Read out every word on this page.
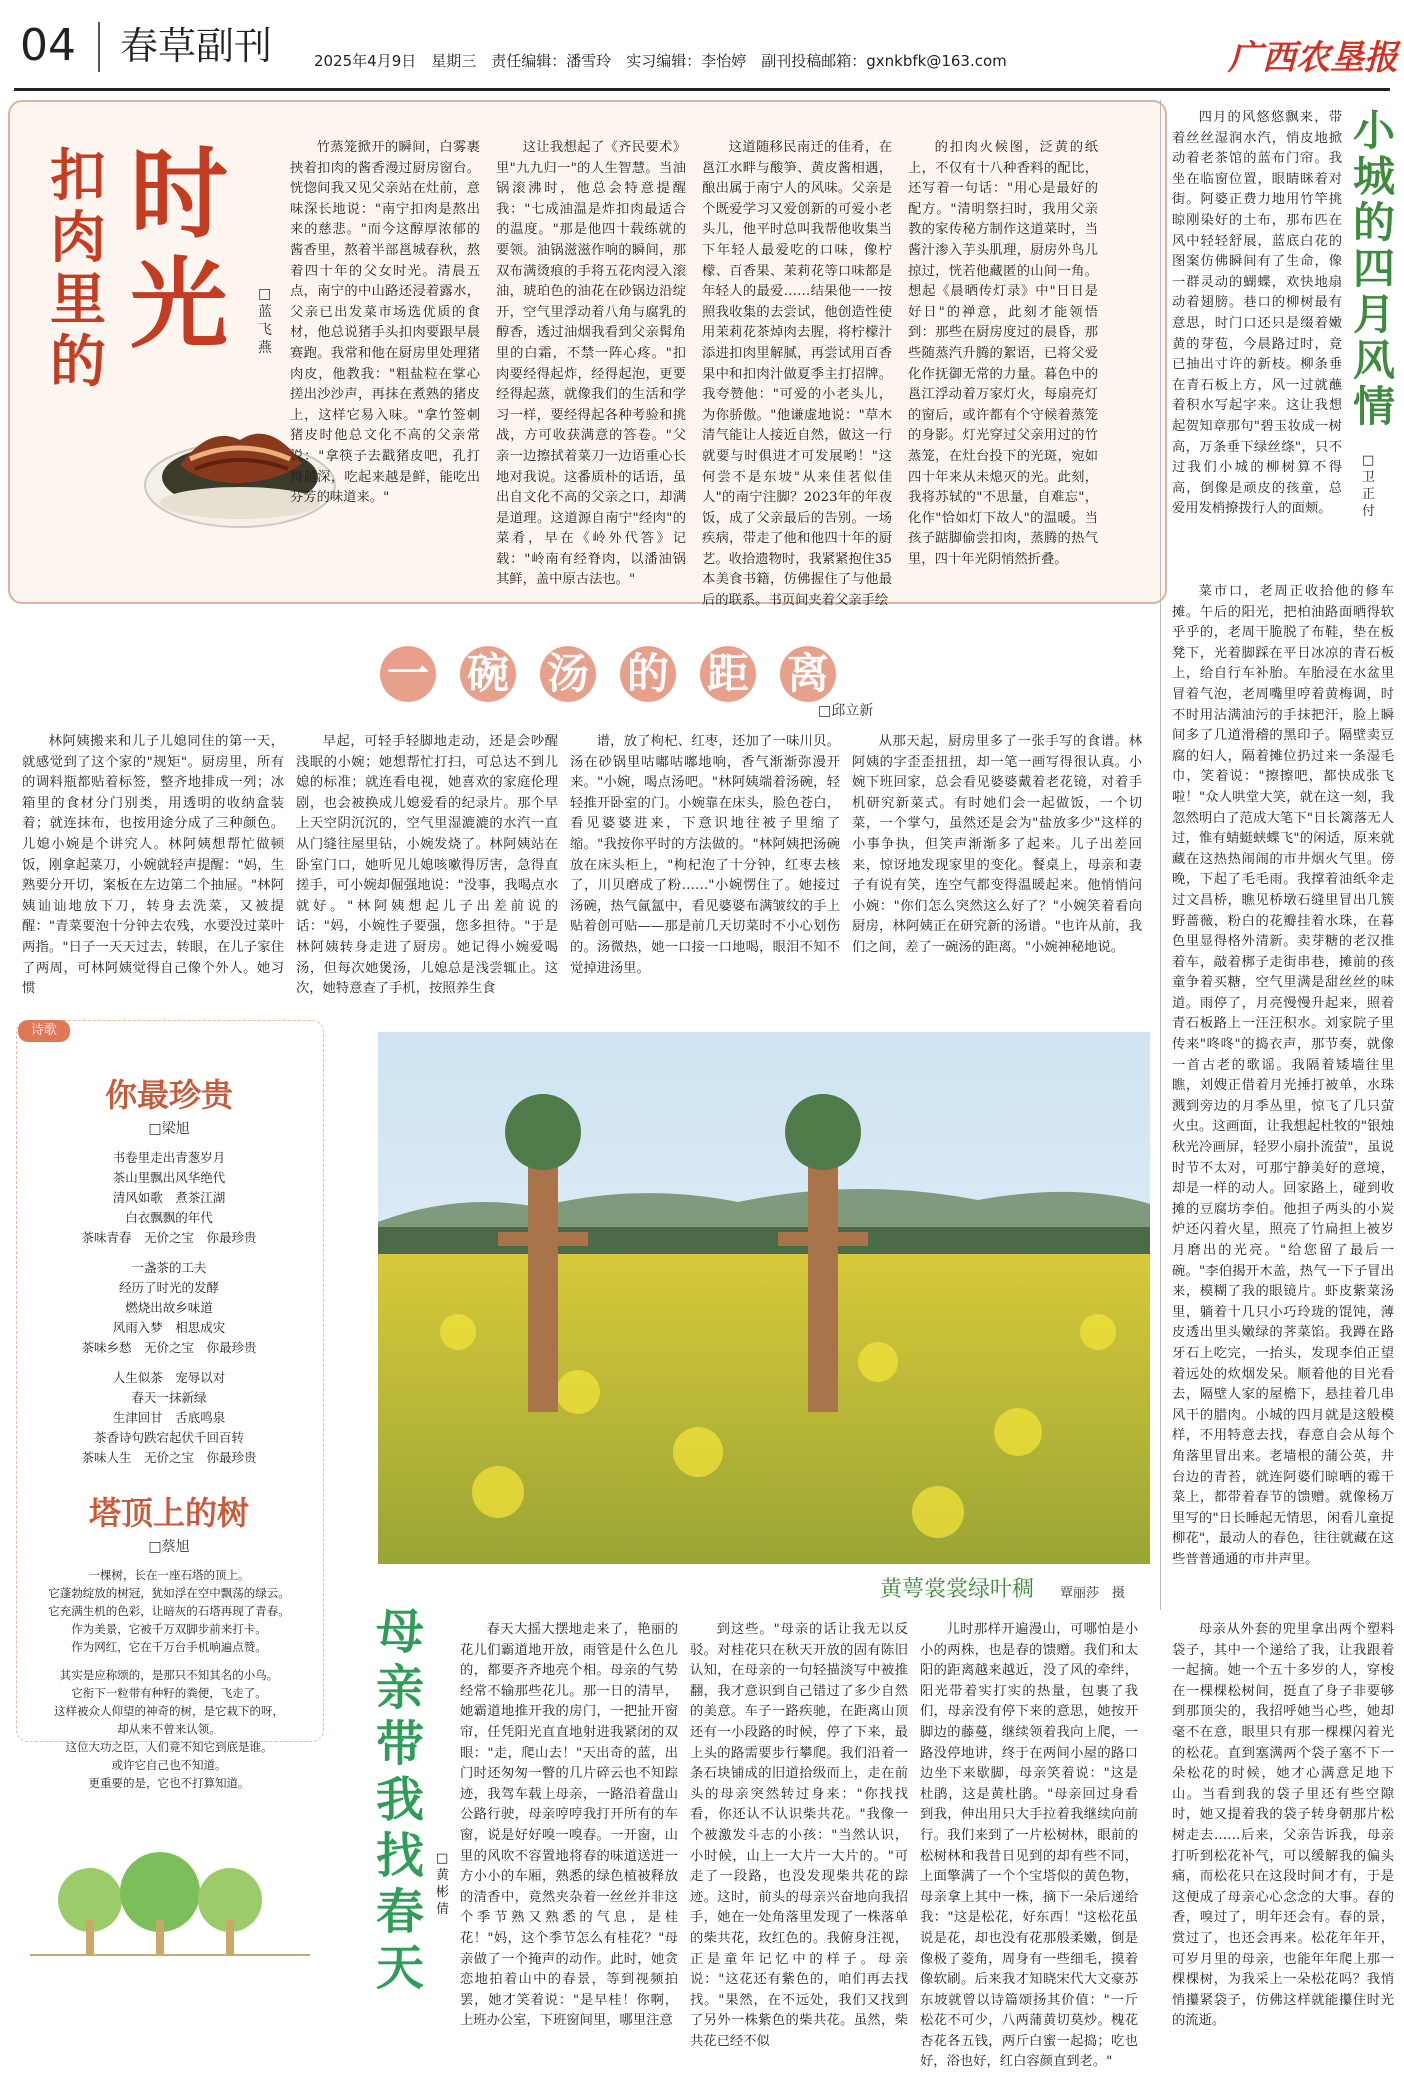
04 春草副刊	2025年4月9日　星期三　责任编辑：潘雪玲　实习编辑：李怡婷　副刊投稿邮箱：gxnkbfk@163.com	广西农垦报
扣肉里的
时光	□蓝飞燕

竹蒸笼掀开的瞬间，白雾裹挟着扣肉的酱香漫过厨房窗台。恍惚间我又见父亲站在灶前，意味深长地说："南宁扣肉是熬出来的慈悲。"而今这醇厚浓郁的酱香里，熬着半部邕城春秋，熬着四十年的父女时光。清晨五点，南宁的中山路还浸着露水，父亲已出发菜市场选优质的食材，他总说猪手头扣肉要跟早晨赛跑。我常和他在厨房里处理猪肉皮，他教我："粗盐粒在掌心搓出沙沙声，再抹在煮熟的猪皮上，这样它易入味。"拿竹签刺猪皮时他总文化不高的父亲常说："拿筷子去戳猪皮吧，孔打得越深，吃起来越是鲜，能吃出芬芳的味道来。"

这让我想起了《齐民要术》里"九九归一"的人生智慧。当油锅滚沸时，他总会特意提醒我："七成油温是炸扣肉最适合的温度。"那是他四十载练就的要领。油锅滋滋作响的瞬间，那双布满烫痕的手将五花肉浸入滚油，琥珀色的油花在砂锅边沿绽开，空气里浮动着八角与腐乳的醇香，透过油烟我看到父亲髯角里的白霜，不禁一阵心疼。"扣肉要经得起炸，经得起泡，更要经得起蒸，就像我们的生活和学习一样，要经得起各种考验和挑战，方可收获满意的答卷。"父亲一边擦拭着菜刀一边语重心长地对我说。这番质朴的话语，虽出自文化不高的父亲之口，却满是道理。这道源自南宁"经肉"的菜肴，早在《岭外代答》记载："岭南有经脊肉，以潘油锅其鲜，盖中原古法也。"

这道随移民南迁的佳肴，在邕江水畔与酸笋、黄皮酱相遇，酿出属于南宁人的风味。父亲是个既爱学习又爱创新的可爱小老头儿，他平时总叫我帮他收集当下年轻人最爱吃的口味，像柠檬、百香果、茉莉花等口味都是年轻人的最爱……结果他一一按照我收集的去尝试，他创造性使用茉莉花茶焯肉去腥，将柠檬汁添进扣肉里解腻，再尝试用百香果中和扣肉汁做夏季主打招牌。我夸赞他："可爱的小老头儿，为你骄傲。"他谦虚地说："草木清气能让人接近自然，做这一行就要与时俱进才可发展哟！"这何尝不是东坡"从来佳茗似佳人"的南宁注脚？2023年的年夜饭，成了父亲最后的告别。一场疾病，带走了他和他四十年的厨艺。收拾遗物时，我紧紧抱住35本美食书籍，仿佛握住了与他最后的联系。书页间夹着父亲手绘

的扣肉火候图，泛黄的纸上，不仅有十八种香料的配比，还写着一句话："用心是最好的配方。"清明祭扫时，我用父亲教的家传秘方制作这道菜时，当酱汁渗入芋头肌理，厨房外鸟儿掠过，恍若他藏匿的山间一角。想起《晨晒传灯录》中"日日是好日"的禅意，此刻才能领悟到：那些在厨房度过的晨昏，那些随蒸汽升腾的絮语，已将父爱化作抚御无常的力量。暮色中的邕江浮动着万家灯火，每扇亮灯的窗后，或许都有个守候着蒸笼的身影。灯光穿过父亲用过的竹蒸笼，在灶台投下的光斑，宛如四十年来从未熄灭的光。此刻，我将苏轼的"不思量，自难忘"，化作"恰如灯下故人"的温暖。当孩子踮脚偷尝扣肉，蒸腾的热气里，四十年光阴悄然折叠。

一 碗 汤 的 距 离
□邱立新

林阿姨搬来和儿子儿媳同住的第一天，就感觉到了这个家的"规矩"。厨房里，所有的调料瓶都贴着标签，整齐地排成一列；冰箱里的食材分门别类，用透明的收纳盒装着；就连抹布，也按用途分成了三种颜色。儿媳小婉是个讲究人。林阿姨想帮忙做顿饭，刚拿起菜刀，小婉就轻声提醒："妈，生熟要分开切，案板在左边第二个抽屉。"林阿姨讪讪地放下刀，转身去洗菜，又被提醒："青菜要泡十分钟去农残，水要没过菜叶两指。"日子一天天过去，转眼，在儿子家住了两周，可林阿姨觉得自己像个外人。她习惯

早起，可轻手轻脚地走动，还是会吵醒浅眠的小婉；她想帮忙打扫，可总达不到儿媳的标准；就连看电视，她喜欢的家庭伦理剧，也会被换成儿媳爱看的纪录片。那个早上天空阴沉沉的，空气里湿漉漉的水汽一直从门缝往屋里钻，小婉发烧了。林阿姨站在卧室门口，她听见儿媳咳嗽得厉害，急得直搓手，可小婉却倔强地说："没事，我喝点水就好。"林阿姨想起儿子出差前说的话："妈，小婉性子要强，您多担待。"于是林阿姨转身走进了厨房。她记得小婉爱喝汤，但每次她煲汤，儿媳总是浅尝辄止。这次，她特意查了手机，按照养生食

谱，放了枸杞、红枣，还加了一味川贝。汤在砂锅里咕嘟咕嘟地响，香气渐渐弥漫开来。"小婉，喝点汤吧。"林阿姨端着汤碗，轻轻推开卧室的门。小婉靠在床头，脸色苍白，看见婆婆进来，下意识地往被子里缩了缩。"我按你平时的方法做的。"林阿姨把汤碗放在床头柜上，"枸杞泡了十分钟，红枣去核了，川贝磨成了粉……"小婉愣住了。她接过汤碗，热气氤氲中，看见婆婆布满皱纹的手上贴着创可贴——那是前几天切菜时不小心划伤的。汤微热，她一口接一口地喝，眼泪不知不觉掉进汤里。

从那天起，厨房里多了一张手写的食谱。林阿姨的字歪歪扭扭，却一笔一画写得很认真。小婉下班回家，总会看见婆婆戴着老花镜，对着手机研究新菜式。有时她们会一起做饭，一个切菜，一个掌勺，虽然还是会为"盐放多少"这样的小事争执，但笑声渐渐多了起来。儿子出差回来，惊讶地发现家里的变化。餐桌上，母亲和妻子有说有笑，连空气都变得温暖起来。他悄悄问小婉："你们怎么突然这么好了？"小婉笑着看向厨房，林阿姨正在研究新的汤谱。"也许从前，我们之间，差了一碗汤的距离。"小婉神秘地说。

诗歌
你最珍贵
□梁旭
书卷里走出青葱岁月
茶山里飘出风华绝代
清风如歌　煮茶江湖
白衣飘飘的年代
茶味青春　无价之宝　你最珍贵
一盏茶的工夫
经历了时光的发酵
燃烧出故乡味道
风雨入梦　相思成灾
茶味乡愁　无价之宝　你最珍贵
人生似茶　宠辱以对
春天一抹新绿
生津回甘　舌底鸣泉
茶香诗句跌宕起伏千回百转
茶味人生　无价之宝　你最珍贵
塔顶上的树
□蔡旭
一棵树，长在一座石塔的顶上。
它蓬勃绽放的树冠，犹如浮在空中飘荡的绿云。
它充满生机的色彩，让暗灰的石塔再现了青春。
作为美景，它被千万双脚步前来打卡。
作为网红，它在千万台手机响遍点赞。
其实是应称颂的，是那只不知其名的小鸟。
它衔下一粒带有种籽的粪便，飞走了。
这样被众人仰望的神奇的树，是它栽下的呀，
却从来不曾来认领。
这位大功之臣，人们竟不知它到底是谁。
或许它自己也不知道。
更重要的是，它也不打算知道。
黄萼裳裳绿叶稠 覃丽莎　摄
小城的四月风情
□卫正付

四月的风悠悠飘来，带着丝丝湿润水汽，悄皮地掀动着老茶馆的蓝布门帘。我坐在临窗位置，眼睛眯着对街。阿婆正费力地用竹竿挑晾刚染好的土布，那布匹在风中轻轻舒展，蓝底白花的图案仿佛瞬间有了生命，像一群灵动的蝴蝶，欢快地扇动着翅膀。巷口的柳树最有意思，时门口还只是缀着嫩黄的芽苞，今晨路过时，竟已抽出寸许的新枝。柳条垂在青石板上方，风一过就蘸着积水写起字来。这让我想起贺知章那句"碧玉妆成一树高，万条垂下绿丝绦"，只不过我们小城的柳树算不得高，倒像是顽皮的孩童，总爱用发梢撩拨行人的面颊。

菜市口，老周正收拾他的修车摊。午后的阳光，把柏油路面晒得软乎乎的，老周干脆脱了布鞋，垫在板凳下，光着脚踩在平日冰凉的青石板上，给自行车补胎。车胎浸在水盆里冒着气泡，老周嘴里哼着黄梅调，时不时用沾满油污的手抹把汗，脸上瞬间多了几道滑稽的黑印子。隔壁卖豆腐的妇人，隔着摊位扔过来一条湿毛巾，笑着说："擦擦吧，都快成张飞啦！"众人哄堂大笑，就在这一刻，我忽然明白了范成大笔下"日长篱落无人过，惟有蜻蜓蛱蝶飞"的闲适，原来就藏在这热热闹闹的市井烟火气里。傍晚，下起了毛毛雨。我撑着油纸伞走过文昌桥，瞧见桥墩石缝里冒出几簇野蔷薇，粉白的花瓣挂着水珠，在暮色里显得格外清新。卖芽糖的老汉推着车，敲着梆子走街串巷，摊前的孩童争着买糖，空气里满是甜丝丝的味道。雨停了，月亮慢慢升起来，照着青石板路上一汪汪积水。刘家院子里传来"咚咚"的捣衣声，那节奏，就像一首古老的歌谣。我隔着矮墙往里瞧，刘嫂正借着月光捶打被单，水珠溅到旁边的月季丛里，惊飞了几只萤火虫。这画面，让我想起杜牧的"银烛秋光冷画屏，轻罗小扇扑流萤"，虽说时节不太对，可那宁静美好的意境，却是一样的动人。回家路上，碰到收摊的豆腐坊李伯。他担子两头的小炭炉还闪着火星，照亮了竹扁担上被岁月磨出的光亮。"给您留了最后一碗。"李伯揭开木盖，热气一下子冒出来，模糊了我的眼镜片。虾皮紫菜汤里，躺着十几只小巧玲珑的馄饨，薄皮透出里头嫩绿的荠菜馅。我蹲在路牙石上吃完，一抬头，发现李伯正望着远处的炊烟发呆。顺着他的目光看去，隔壁人家的屋檐下，悬挂着几串风干的腊肉。小城的四月就是这般模样，不用特意去找，春意自会从每个角落里冒出来。老墙根的蒲公英，井台边的青苔，就连阿婆们晾晒的霉干菜上，都带着春节的馈赠。就像杨万里写的"日长睡起无情思，闲看儿童捉柳花"，最动人的春色，往往就藏在这些普普通通的市井声里。

母亲带我找春天
□黄彬倩

春天大摇大摆地走来了，艳丽的花儿们霸道地开放，雨管是什么色儿的，都要齐齐地亮个相。母亲的气势经常不输那些花儿。那一日的清早，她霸道地推开我的房门，一把扯开窗帘，任凭阳光直直地射进我紧闭的双眼："走，爬山去！"天出奇的蓝，出门时还匆匆一瞥的几片碎云也不知踪迹，我驾车载上母亲，一路沿着盘山公路行驶，母亲哼哼我打开所有的车窗，说是好好嗅一嗅春。一开窗，山里的风吹不容置地将春的味道送进一方小小的车厢，熟悉的绿色植被释放的清香中，竟然夹杂着一丝丝并非这个季节熟又熟悉的气息，是桂花！"妈，这个季节怎么有桂花？"母亲做了一个掩声的动作。此时，她贪恋地拍着山中的春景，等到视频拍罢，她才笑着说："是早桂！你啊，上班办公室，下班窗间里，哪里注意

到这些。"母亲的话让我无以反驳。对桂花只在秋天开放的固有陈旧认知，在母亲的一句轻描淡写中被推翻，我才意识到自己错过了多少自然的美意。车子一路疾驰，在距离山顶还有一小段路的时候，停了下来，最上头的路需要步行攀爬。我们沿着一条石块铺成的旧道拾级而上，走在前头的母亲突然转过身来："你找找看，你还认不认识柴共花。"我像一个被激发斗志的小孩："当然认识，小时候，山上一大片一大片的。"可走了一段路，也没发现柴共花的踪迹。这时，前头的母亲兴奋地向我招手，她在一处角落里发现了一株落单的柴共花，玫红色的。我俯身注视，正是童年记忆中的样子。母亲说："这花还有紫色的，咱们再去找找。"果然，在不远处，我们又找到了另外一株紫色的柴共花。虽然，柴共花已经不似

儿时那样开遍漫山，可哪怕是小小的两株，也是春的馈赠。我们和太阳的距离越来越近，没了风的牵绊，阳光带着实打实的热量，包裹了我们，母亲没有停下来的意思，她按开脚边的藤蔓，继续领着我向上爬，一路没停地讲，终于在两间小屋的路口边坐下来歇脚，母亲笑着说："这是杜鹃，这是黄杜鹃。"母亲回过身看到我，伸出用只大手拉着我继续向前行。我们来到了一片松树林，眼前的松树林和我昔日见到的却有些不同，上面擎满了一个个宝塔似的黄色物，母亲拿上其中一株，摘下一朵后递给我："这是松花，好东西！"这松花虽说是花，却也没有花那般柔嫩，倒是像极了菱角，周身有一些细毛，摸着像软刷。后来我才知晓宋代大文豪苏东坡就曾以诗篇颂扬其价值："一斤松花不可少，八两蒲黄切莫炒。槐花杏花各五钱，两斤白蜜一起捣；吃也好，浴也好，红白容颜直到老。"

母亲从外套的兜里拿出两个塑料袋子，其中一个递给了我，让我跟着一起摘。她一个五十多岁的人，穿梭在一棵棵松树间，挺直了身子非要够到那顶尖的，我招呼她当心些，她却毫不在意，眼里只有那一棵棵闪着光的松花。直到塞满两个袋子塞不下一朵松花的时候，她才心满意足地下山。当看到我的袋子里还有些空隙时，她又提着我的袋子转身朝那片松树走去……后来，父亲告诉我，母亲打听到松花补气，可以缓解我的偏头痛，而松花只在这段时间才有，于是这便成了母亲心心念念的大事。春的香，嗅过了，明年还会有。春的景，赏过了，也还会再来。松花年年开，可岁月里的母亲，也能年年爬上那一棵棵树，为我采上一朵松花吗？我悄悄攥紧袋子，仿佛这样就能攥住时光的流逝。
